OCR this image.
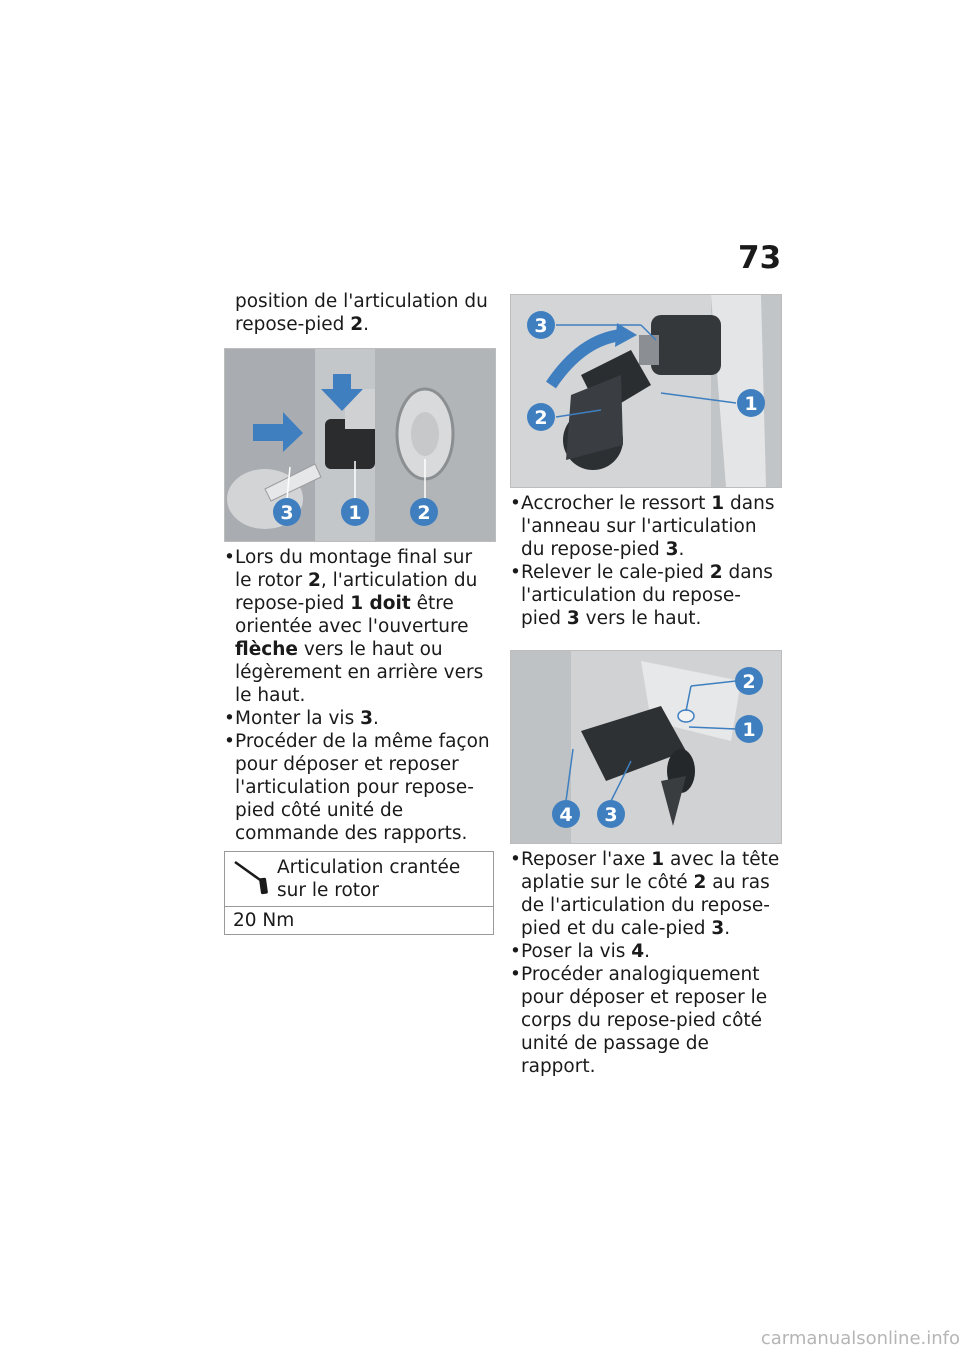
73

position de l'articulation du repose-pied 2.

3	1	2
• Lors du montage final sur le rotor 2, l'articulation du repose-pied 1 doit être orientée avec l'ouverture flèche vers le haut ou légèrement en arrière vers le haut.
• Monter la vis 3.
• Procéder de la même façon pour déposer et reposer l'articulation pour repose-pied côté unité de commande des rapports.
Articulation crantée sur le rotor
20 Nm
3
2
1
• Accrocher le ressort 1 dans l'anneau sur l'articulation du repose-pied 3.
• Relever le cale-pied 2 dans l'articulation du repose-pied 3 vers le haut.
2
1
4 3
• Reposer l'axe 1 avec la tête aplatie sur le côté 2 au ras de l'articulation du repose-pied et du cale-pied 3.
• Poser la vis 4.
• Procéder analogiquement pour déposer et reposer le corps du repose-pied côté unité de passage de rapport.
carmanualsonline.info
